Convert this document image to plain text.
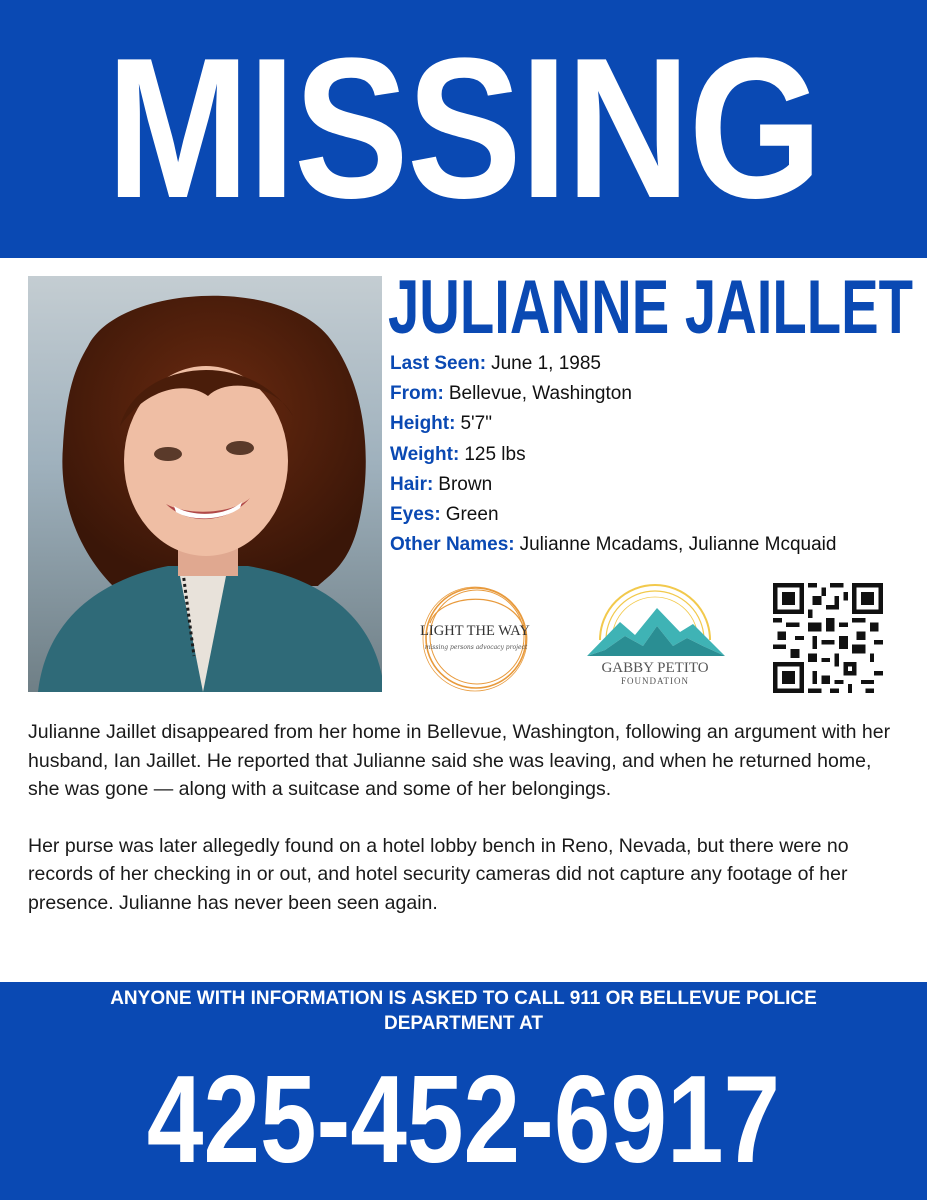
MISSING
JULIANNE JAILLET
Last Seen: June 1, 1985
From: Bellevue, Washington
Height: 5'7"
Weight: 125 lbs
Hair: Brown
Eyes: Green
Other Names: Julianne Mcadams, Julianne Mcquaid
LIGHT THE WAY
missing persons advocacy project
GABBY PETITO
FOUNDATION

Julianne Jaillet disappeared from her home in Bellevue, Washington, following an argument with her husband, Ian Jaillet. He reported that Julianne said she was leaving, and when he returned home, she was gone — along with a suitcase and some of her belongings.

Her purse was later allegedly found on a hotel lobby bench in Reno, Nevada, but there were no records of her checking in or out, and hotel security cameras did not capture any footage of her presence. Julianne has never been seen again.

ANYONE WITH INFORMATION IS ASKED TO CALL 911 OR BELLEVUE POLICE DEPARTMENT AT

425-452-6917
